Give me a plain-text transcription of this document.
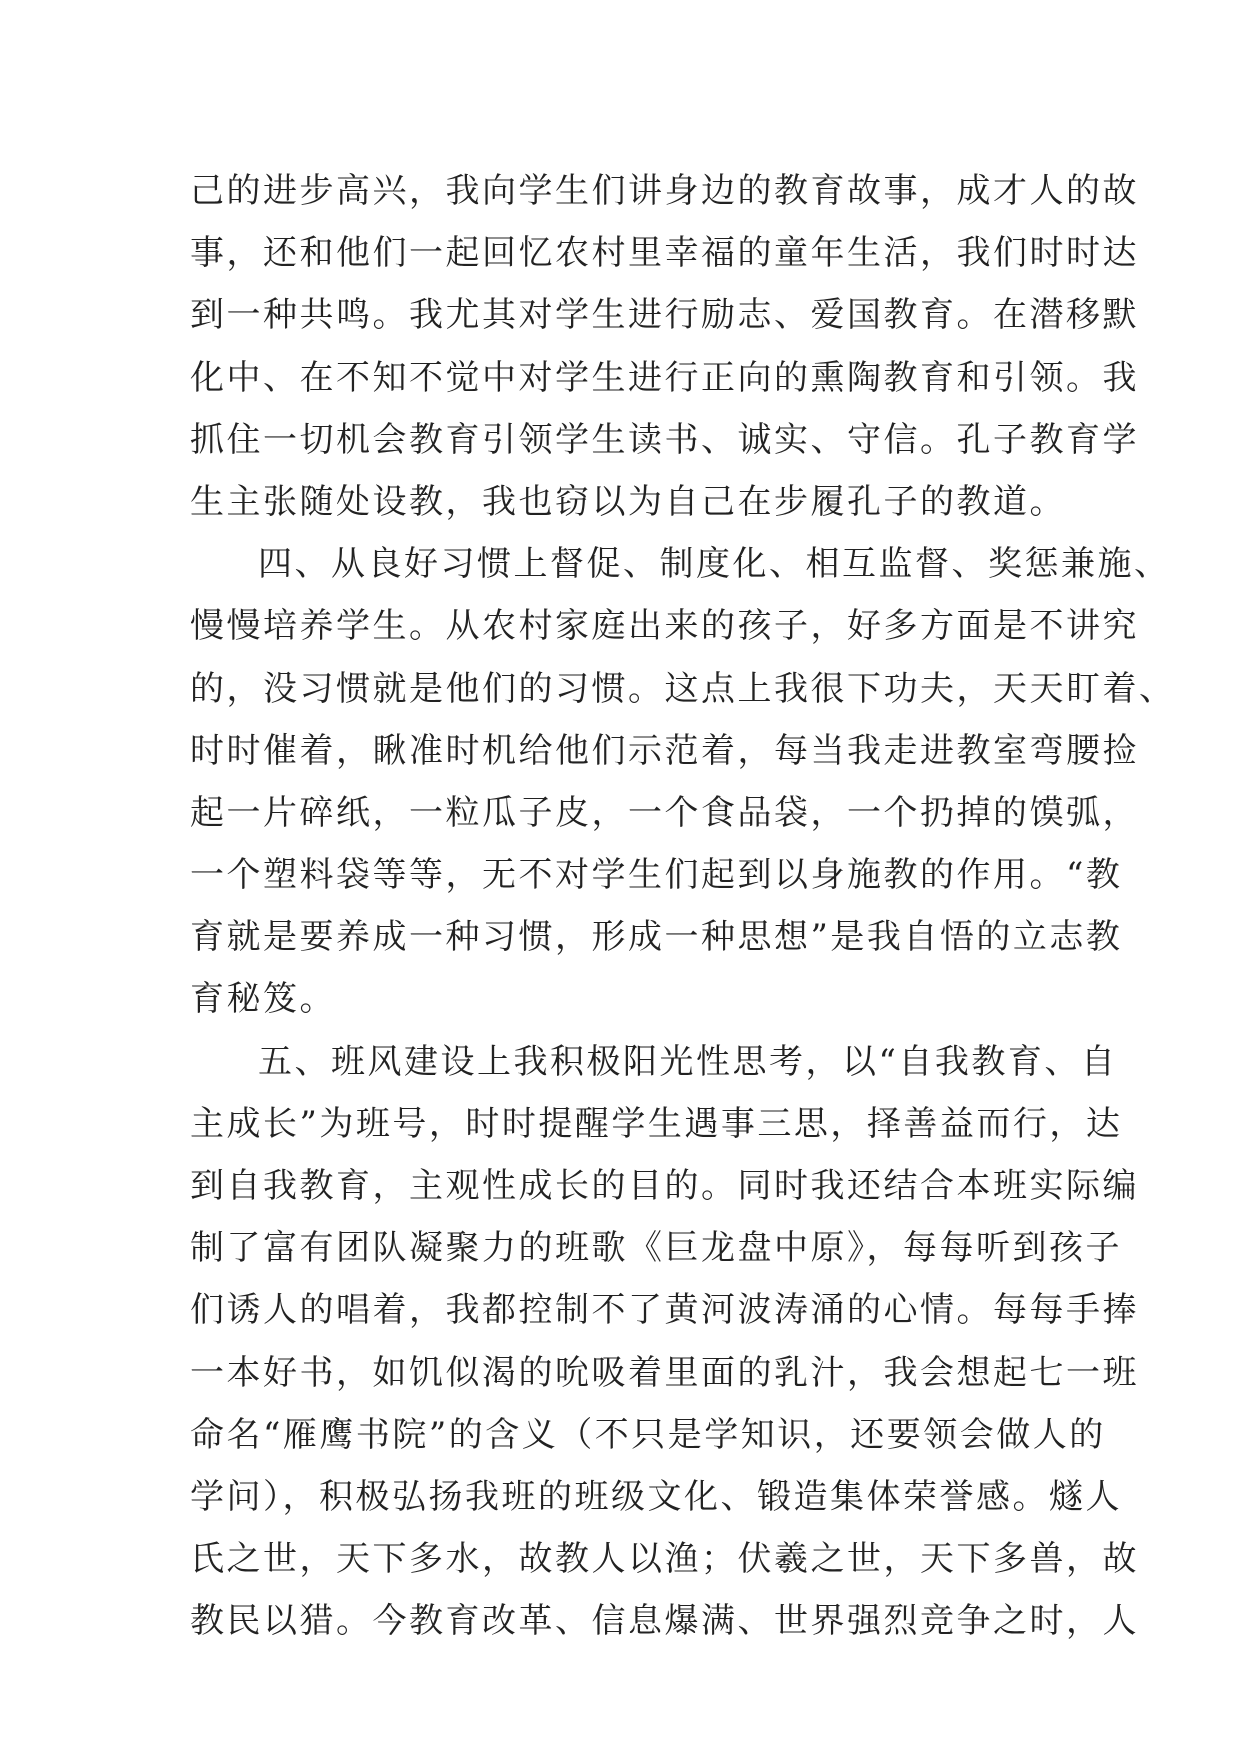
己的进步高兴，我向学生们讲身边的教育故事，成才人的故
事，还和他们一起回忆农村里幸福的童年生活，我们时时达
到一种共鸣。我尤其对学生进行励志、爱国教育。在潜移默
化中、在不知不觉中对学生进行正向的熏陶教育和引领。我
抓住一切机会教育引领学生读书、诚实、守信。孔子教育学
生主张随处设教，我也窃以为自己在步履孔子的教道。
四、从良好习惯上督促、制度化、相互监督、奖惩兼施、
慢慢培养学生。从农村家庭出来的孩子，好多方面是不讲究
的，没习惯就是他们的习惯。这点上我很下功夫，天天盯着、
时时催着，瞅准时机给他们示范着，每当我走进教室弯腰捡
起一片碎纸，一粒瓜子皮，一个食品袋，一个扔掉的馍弧，
一个塑料袋等等，无不对学生们起到以身施教的作用。“教
育就是要养成一种习惯，形成一种思想”是我自悟的立志教
育秘笈。
五、班风建设上我积极阳光性思考，以“自我教育、自
主成长”为班号，时时提醒学生遇事三思，择善益而行，达
到自我教育，主观性成长的目的。同时我还结合本班实际编
制了富有团队凝聚力的班歌《巨龙盘中原》，每每听到孩子
们诱人的唱着，我都控制不了黄河波涛涌的心情。每每手捧
一本好书，如饥似渴的吮吸着里面的乳汁，我会想起七一班
命名“雁鹰书院”的含义（不只是学知识，还要领会做人的
学问），积极弘扬我班的班级文化、锻造集体荣誉感。燧人
氏之世，天下多水，故教人以渔；伏羲之世，天下多兽，故
教民以猎。今教育改革、信息爆满、世界强烈竞争之时，人
